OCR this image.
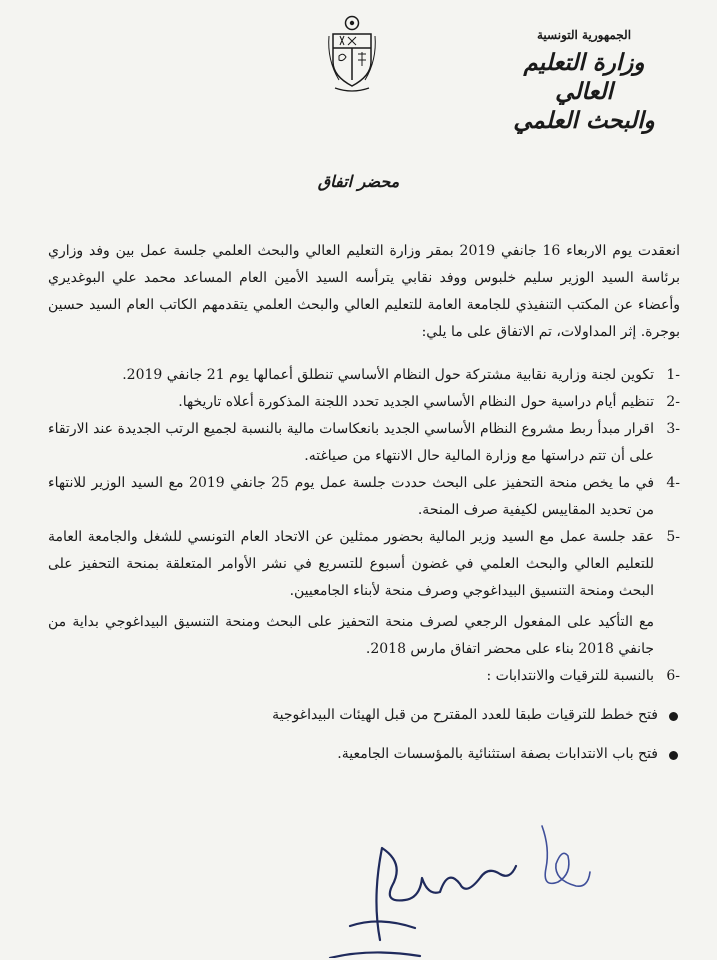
الجمهورية التونسية
وزارة التعليم العالي
والبحث العلمي
محضر اتفاق

انعقدت يوم الاربعاء 16 جانفي 2019 بمقر وزارة التعليم العالي والبحث العلمي جلسة عمل بين وفد وزاري برئاسة السيد الوزير سليم خلبوس ووفد نقابي يترأسه السيد الأمين العام المساعد محمد علي البوغديري وأعضاء عن المكتب التنفيذي للجامعة العامة للتعليم العالي والبحث العلمي يتقدمهم الكاتب العام السيد حسين بوجرة. إثر المداولات، تم الاتفاق على ما يلي:

-1
تكوين لجنة وزارية نقابية مشتركة حول النظام الأساسي تنطلق أعمالها يوم 21 جانفي 2019.
-2
تنظيم أيام دراسية حول النظام الأساسي الجديد تحدد اللجنة المذكورة أعلاه تاريخها.
-3
اقرار مبدأ ربط مشروع النظام الأساسي الجديد بانعكاسات مالية بالنسبة لجميع الرتب الجديدة عند الارتقاء على أن تتم دراستها مع وزارة المالية حال الانتهاء من صياغته.
-4
في ما يخص منحة التحفيز على البحث حددت جلسة عمل يوم 25 جانفي 2019 مع السيد الوزير للانتهاء من تحديد المقاييس لكيفية صرف المنحة.
-5
عقد جلسة عمل مع السيد وزير المالية بحضور ممثلين عن الاتحاد العام التونسي للشغل والجامعة العامة للتعليم العالي والبحث العلمي في غضون أسبوع للتسريع في نشر الأوامر المتعلقة بمنحة التحفيز على البحث ومنحة التنسيق البيداغوجي وصرف منحة لأبناء الجامعيين.

مع التأكيد على المفعول الرجعي لصرف منحة التحفيز على البحث ومنحة التنسيق البيداغوجي بداية من جانفي 2018 بناء على محضر اتفاق مارس 2018.

-6
بالنسبة للترقيات والانتدابات :
فتح خطط للترقيات طبقا للعدد المقترح من قبل الهيئات البيداغوجية
فتح باب الانتدابات بصفة استثنائية بالمؤسسات الجامعية.
